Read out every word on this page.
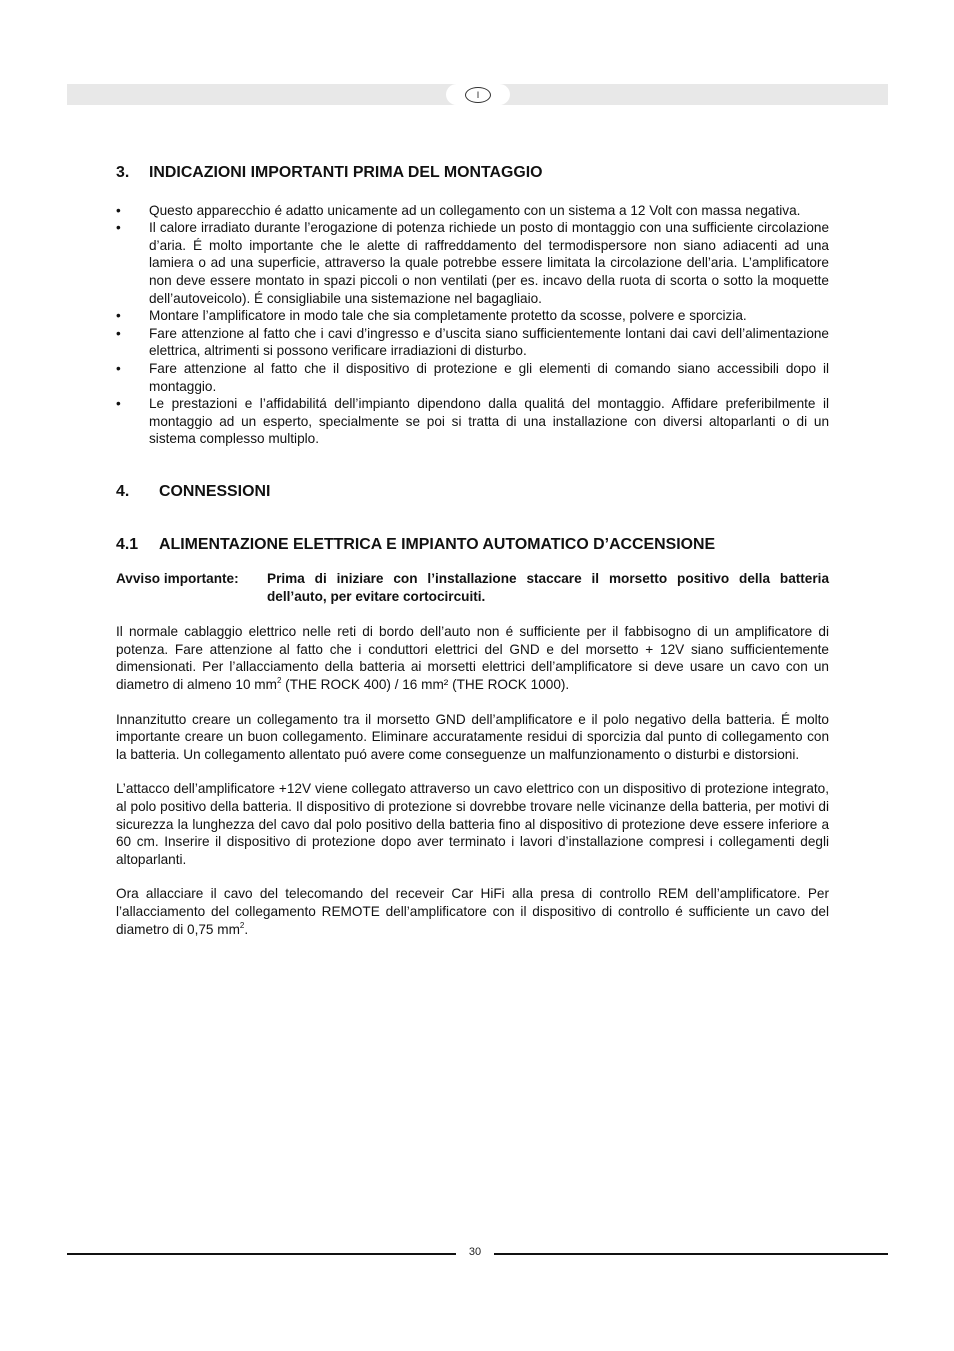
I
3.	INDICAZIONI IMPORTANTI PRIMA DEL MONTAGGIO
• Questo apparecchio é adatto unicamente ad un collegamento con un sistema a 12 Volt con massa negativa.
• Il calore irradiato durante l’erogazione di potenza richiede un posto di montaggio con una sufficiente circolazione d’aria. É molto importante che le alette di raffreddamento del termodispersore non siano adiacenti ad una lamiera o ad una superficie, attraverso la quale potrebbe essere limitata la circolazione dell’aria. L’amplificatore non deve essere montato in spazi piccoli o non ventilati (per es. incavo della ruota di scorta o sotto la moquette dell’autoveicolo). É consigliabile una sistemazione nel bagagliaio.
• Montare l’amplificatore in modo tale che sia completamente protetto da scosse, polvere e sporcizia.
• Fare attenzione al fatto che i cavi d’ingresso e d’uscita siano sufficientemente lontani dai cavi dell’alimentazione elettrica, altrimenti si possono verificare irradiazioni di disturbo.
• Fare attenzione al fatto che il dispositivo di protezione e gli elementi di comando siano accessibili dopo il montaggio.
• Le prestazioni e l’affidabilitá dell’impianto dipendono dalla qualitá del montaggio. Affidare preferibilmente il montaggio ad un esperto, specialmente se poi si tratta di una installazione con diversi altoparlanti o di un sistema complesso multiplo.
4.	CONNESSIONI
4.1	ALIMENTAZIONE ELETTRICA E IMPIANTO AUTOMATICO D’ACCENSIONE
Avviso importante:	Prima di iniziare con l’installazione staccare il morsetto positivo della batteria dell’auto, per evitare cortocircuiti.

Il normale cablaggio elettrico nelle reti di bordo dell’auto non é sufficiente per il fabbisogno di un amplificatore di potenza. Fare attenzione al fatto che i conduttori elettrici del GND e del morsetto + 12V siano sufficientemente dimensionati. Per l’allacciamento della batteria ai morsetti elettrici dell’amplificatore si deve usare un cavo con un diametro di almeno 10 $mm^2$ (THE ROCK 400) / 16 mm² (THE ROCK 1000).

Innanzitutto creare un collegamento tra il morsetto GND dell’amplificatore e il polo negativo della batteria. É molto importante creare un buon collegamento. Eliminare accuratamente residui di sporcizia dal punto di collegamento con la batteria. Un collegamento allentato puó avere come conseguenze un malfunzionamento o disturbi e distorsioni.

L’attacco dell’amplificatore +12V viene collegato attraverso un cavo elettrico con un dispositivo di protezione integrato, al polo positivo della batteria. Il dispositivo di protezione si dovrebbe trovare nelle vicinanze della batteria, per motivi di sicurezza la lunghezza del cavo dal polo positivo della batteria fino al dispositivo di protezione deve essere inferiore a 60 cm. Inserire il dispositivo di protezione dopo aver terminato i lavori d’installazione compresi i collegamenti degli altoparlanti.

Ora allacciare il cavo del telecomando del receveir Car HiFi alla presa di controllo REM dell’amplificatore. Per l’allacciamento del collegamento REMOTE dell’amplificatore con il dispositivo di controllo é sufficiente un cavo del diametro di 0,75 $mm^2$.

30
